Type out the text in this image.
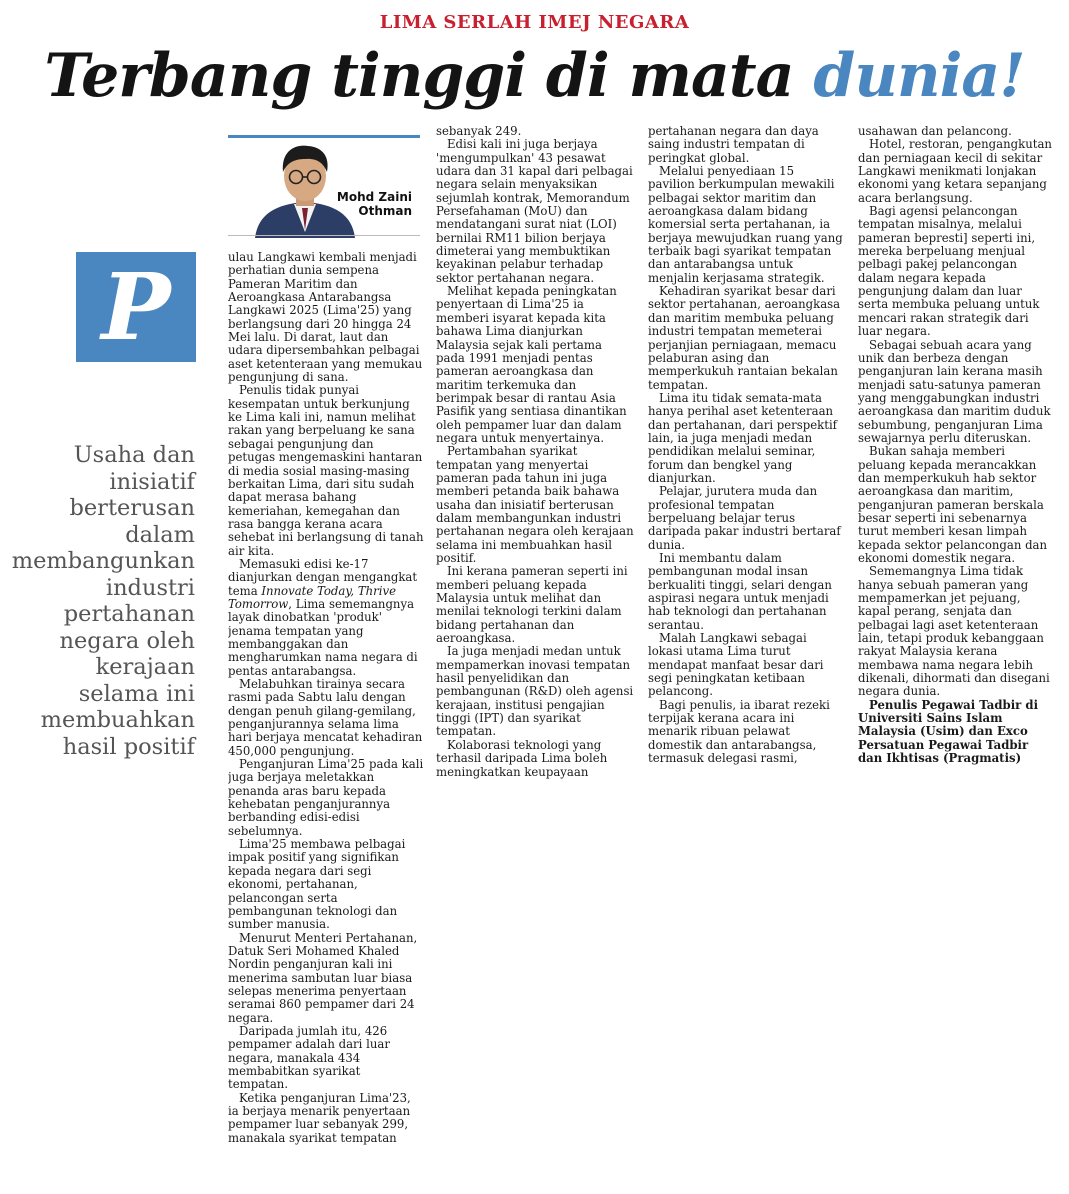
LIMA SERLAH IMEJ NEGARA
Terbang tinggi di mata dunia!
Mohd Zaini
Othman
P
Usaha dan
inisiatif
berterusan
dalam
membangunkan
industri
pertahanan
negara oleh
kerajaan
selama ini
membuahkan
hasil positif

ulau Langkawi kembali menjadi perhatian dunia sempena Pameran Maritim dan Aeroangkasa Antarabangsa Langkawi 2025 (Lima'25) yang berlangsung dari 20 hingga 24 Mei lalu. Di darat, laut dan udara dipersembahkan pelbagai aset ketenteraan yang memukau pengunjung di sana.

Penulis tidak punyai kesempatan untuk berkunjung ke Lima kali ini, namun melihat rakan yang berpeluang ke sana sebagai pengunjung dan petugas mengemaskini hantaran di media sosial masing-masing berkaitan Lima, dari situ sudah dapat merasa bahang kemeriahan, kemegahan dan rasa bangga kerana acara sehebat ini berlangsung di tanah air kita.

Memasuki edisi ke-17 dianjurkan dengan mengangkat tema Innovate Today, Thrive Tomorrow, Lima sememangnya layak dinobatkan 'produk' jenama tempatan yang membanggakan dan mengharumkan nama negara di pentas antarabangsa.

Melabuhkan tirainya secara rasmi pada Sabtu lalu dengan dengan penuh gilang-gemilang, penganjurannya selama lima hari berjaya mencatat kehadiran 450,000 pengunjung.

Penganjuran Lima'25 pada kali juga berjaya meletakkan penanda aras baru kepada kehebatan penganjurannya berbanding edisi-edisi sebelumnya.

Lima'25 membawa pelbagai impak positif yang signifikan kepada negara dari segi ekonomi, pertahanan, pelancongan serta pembangunan teknologi dan sumber manusia.

Menurut Menteri Pertahanan, Datuk Seri Mohamed Khaled Nordin penganjuran kali ini menerima sambutan luar biasa selepas menerima penyertaan seramai 860 pempamer dari 24 negara.

Daripada jumlah itu, 426 pempamer adalah dari luar negara, manakala 434 membabitkan syarikat tempatan.

Ketika penganjuran Lima'23, ia berjaya menarik penyertaan pempamer luar sebanyak 299, manakala syarikat tempatan

sebanyak 249.

Edisi kali ini juga berjaya 'mengumpulkan' 43 pesawat udara dan 31 kapal dari pelbagai negara selain menyaksikan sejumlah kontrak, Memorandum Persefahaman (MoU) dan mendatangani surat niat (LOI) bernilai RM11 bilion berjaya dimeterai yang membuktikan keyakinan pelabur terhadap sektor pertahanan negara.

Melihat kepada peningkatan penyertaan di Lima'25 ia memberi isyarat kepada kita bahawa Lima dianjurkan Malaysia sejak kali pertama pada 1991 menjadi pentas pameran aeroangkasa dan maritim terkemuka dan berimpak besar di rantau Asia Pasifik yang sentiasa dinantikan oleh pempamer luar dan dalam negara untuk menyertainya.

Pertambahan syarikat tempatan yang menyertai pameran pada tahun ini juga memberi petanda baik bahawa usaha dan inisiatif berterusan dalam membangunkan industri pertahanan negara oleh kerajaan selama ini membuahkan hasil positif.

Ini kerana pameran seperti ini memberi peluang kepada Malaysia untuk melihat dan menilai teknologi terkini dalam bidang pertahanan dan aeroangkasa.

Ia juga menjadi medan untuk mempamerkan inovasi tempatan hasil penyelidikan dan pembangunan (R&D) oleh agensi kerajaan, institusi pengajian tinggi (IPT) dan syarikat tempatan.

Kolaborasi teknologi yang terhasil daripada Lima boleh meningkatkan keupayaan

pertahanan negara dan daya saing industri tempatan di peringkat global.

Melalui penyediaan 15 pavilion berkumpulan mewakili pelbagai sektor maritim dan aeroangkasa dalam bidang komersial serta pertahanan, ia berjaya mewujudkan ruang yang terbaik bagi syarikat tempatan dan antarabangsa untuk menjalin kerjasama strategik.

Kehadiran syarikat besar dari sektor pertahanan, aeroangkasa dan maritim membuka peluang industri tempatan memeterai perjanjian perniagaan, memacu pelaburan asing dan memperkukuh rantaian bekalan tempatan.

Lima itu tidak semata-mata hanya perihal aset ketenteraan dan pertahanan, dari perspektif lain, ia juga menjadi medan pendidikan melalui seminar, forum dan bengkel yang dianjurkan.

Pelajar, jurutera muda dan profesional tempatan berpeluang belajar terus daripada pakar industri bertaraf dunia.

Ini membantu dalam pembangunan modal insan berkualiti tinggi, selari dengan aspirasi negara untuk menjadi hab teknologi dan pertahanan serantau.

Malah Langkawi sebagai lokasi utama Lima turut mendapat manfaat besar dari segi peningkatan ketibaan pelancong.

Bagi penulis, ia ibarat rezeki terpijak kerana acara ini menarik ribuan pelawat domestik dan antarabangsa, termasuk delegasi rasmi,

usahawan dan pelancong.

Hotel, restoran, pengangkutan dan perniagaan kecil di sekitar Langkawi menikmati lonjakan ekonomi yang ketara sepanjang acara berlangsung.

Bagi agensi pelancongan tempatan misalnya, melalui pameran bepresti] seperti ini, mereka berpeluang menjual pelbagi pakej pelancongan dalam negara kepada pengunjung dalam dan luar serta membuka peluang untuk mencari rakan strategik dari luar negara.

Sebagai sebuah acara yang unik dan berbeza dengan penganjuran lain kerana masih menjadi satu-satunya pameran yang menggabungkan industri aeroangkasa dan maritim duduk sebumbung, penganjuran Lima sewajarnya perlu diteruskan.

Bukan sahaja memberi peluang kepada merancakkan dan memperkukuh hab sektor aeroangkasa dan maritim, penganjuran pameran berskala besar seperti ini sebenarnya turut memberi kesan limpah kepada sektor pelancongan dan ekonomi domestik negara.

Sememangnya Lima tidak hanya sebuah pameran yang mempamerkan jet pejuang, kapal perang, senjata dan pelbagai lagi aset ketenteraan lain, tetapi produk kebanggaan rakyat Malaysia kerana membawa nama negara lebih dikenali, dihormati dan disegani negara dunia.

Penulis Pegawai Tadbir di Universiti Sains Islam Malaysia (Usim) dan Exco Persatuan Pegawai Tadbir dan Ikhtisas (Pragmatis)
